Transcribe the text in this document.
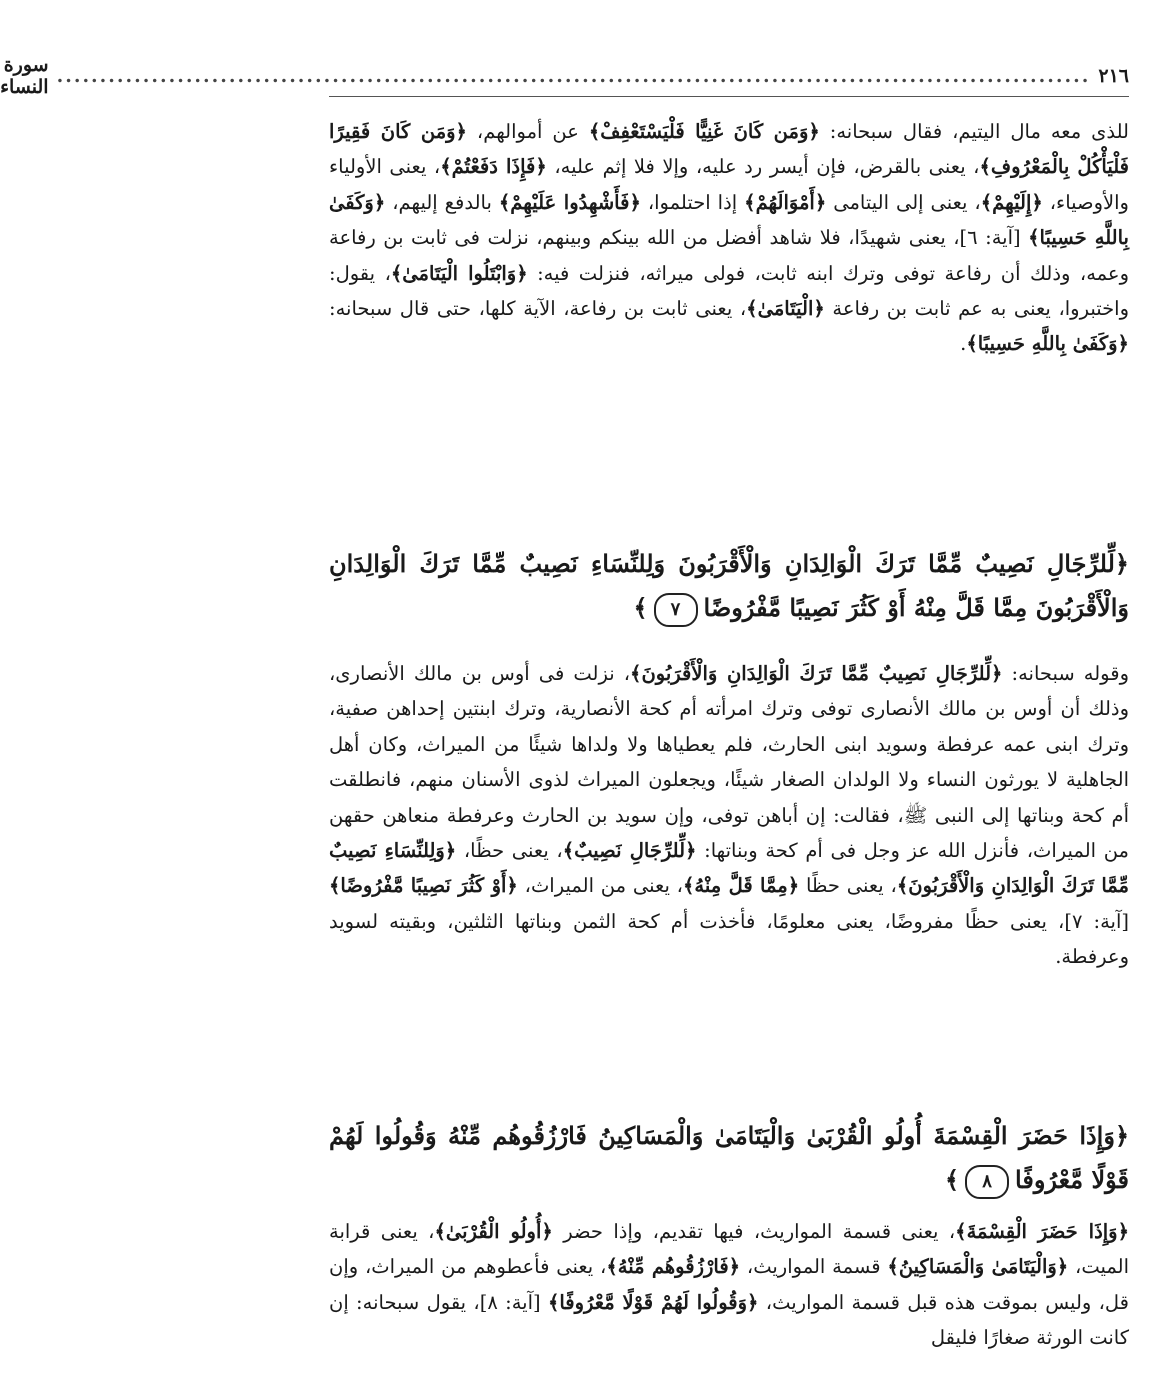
٢١٦
........................................................................................................................
سورة النساء

للذى معه مال اليتيم، فقال سبحانه: ﴿وَمَن كَانَ غَنِيًّا فَلْيَسْتَعْفِفْ﴾ عن أموالهم، ﴿وَمَن كَانَ فَقِيرًا فَلْيَأْكُلْ بِالْمَعْرُوفِ﴾، يعنى بالقرض، فإن أيسر رد عليه، وإلا فلا إثم عليه، ﴿فَإِذَا دَفَعْتُمْ﴾، يعنى الأولياء والأوصياء، ﴿إِلَيْهِمْ﴾، يعنى إلى اليتامى ﴿أَمْوَالَهُمْ﴾ إذا احتلموا، ﴿فَأَشْهِدُوا عَلَيْهِمْ﴾ بالدفع إليهم، ﴿وَكَفَىٰ بِاللَّهِ حَسِيبًا﴾ [آية: ٦]، يعنى شهيدًا، فلا شاهد أفضل من الله بينكم وبينهم، نزلت فى ثابت بن رفاعة وعمه، وذلك أن رفاعة توفى وترك ابنه ثابت، فولى ميراثه، فنزلت فيه: ﴿وَابْتَلُوا الْيَتَامَىٰ﴾، يقول: واختبروا، يعنى به عم ثابت بن رفاعة ﴿الْيَتَامَىٰ﴾، يعنى ثابت بن رفاعة، الآية كلها، حتى قال سبحانه: ﴿وَكَفَىٰ بِاللَّهِ حَسِيبًا﴾.

﴿لِّلرِّجَالِ نَصِيبٌ مِّمَّا تَرَكَ الْوَالِدَانِ وَالْأَقْرَبُونَ وَلِلنِّسَاءِ نَصِيبٌ مِّمَّا تَرَكَ الْوَالِدَانِ وَالْأَقْرَبُونَ مِمَّا قَلَّ مِنْهُ أَوْ كَثُرَ نَصِيبًا مَّفْرُوضًا٧﴾

وقوله سبحانه: ﴿لِّلرِّجَالِ نَصِيبٌ مِّمَّا تَرَكَ الْوَالِدَانِ وَالْأَقْرَبُونَ﴾، نزلت فى أوس بن مالك الأنصارى، وذلك أن أوس بن مالك الأنصارى توفى وترك امرأته أم كحة الأنصارية، وترك ابنتين إحداهن صفية، وترك ابنى عمه عرفطة وسويد ابنى الحارث، فلم يعطياها ولا ولداها شيئًا من الميراث، وكان أهل الجاهلية لا يورثون النساء ولا الولدان الصغار شيئًا، ويجعلون الميراث لذوى الأسنان منهم، فانطلقت أم كحة وبناتها إلى النبى ﷺ، فقالت: إن أباهن توفى، وإن سويد بن الحارث وعرفطة منعاهن حقهن من الميراث، فأنزل الله عز وجل فى أم كحة وبناتها: ﴿لِّلرِّجَالِ نَصِيبٌ﴾، يعنى حظًا، ﴿وَلِلنِّسَاءِ نَصِيبٌ مِّمَّا تَرَكَ الْوَالِدَانِ وَالْأَقْرَبُونَ﴾، يعنى حظًا ﴿مِمَّا قَلَّ مِنْهُ﴾، يعنى من الميراث، ﴿أَوْ كَثُرَ نَصِيبًا مَّفْرُوضًا﴾ [آية: ٧]، يعنى حظًا مفروضًا، يعنى معلومًا، فأخذت أم كحة الثمن وبناتها الثلثين، وبقيته لسويد وعرفطة.

﴿وَإِذَا حَضَرَ الْقِسْمَةَ أُولُو الْقُرْبَىٰ وَالْيَتَامَىٰ وَالْمَسَاكِينُ فَارْزُقُوهُم مِّنْهُ وَقُولُوا لَهُمْ قَوْلًا مَّعْرُوفًا٨﴾

﴿وَإِذَا حَضَرَ الْقِسْمَةَ﴾، يعنى قسمة المواريث، فيها تقديم، وإذا حضر ﴿أُولُو الْقُرْبَىٰ﴾، يعنى قرابة الميت، ﴿وَالْيَتَامَىٰ وَالْمَسَاكِينُ﴾ قسمة المواريث، ﴿فَارْزُقُوهُم مِّنْهُ﴾، يعنى فأعطوهم من الميراث، وإن قل، وليس بموقت هذه قبل قسمة المواريث، ﴿وَقُولُوا لَهُمْ قَوْلًا مَّعْرُوفًا﴾ [آية: ٨]، يقول سبحانه: إن كانت الورثة صغارًا فليقل
